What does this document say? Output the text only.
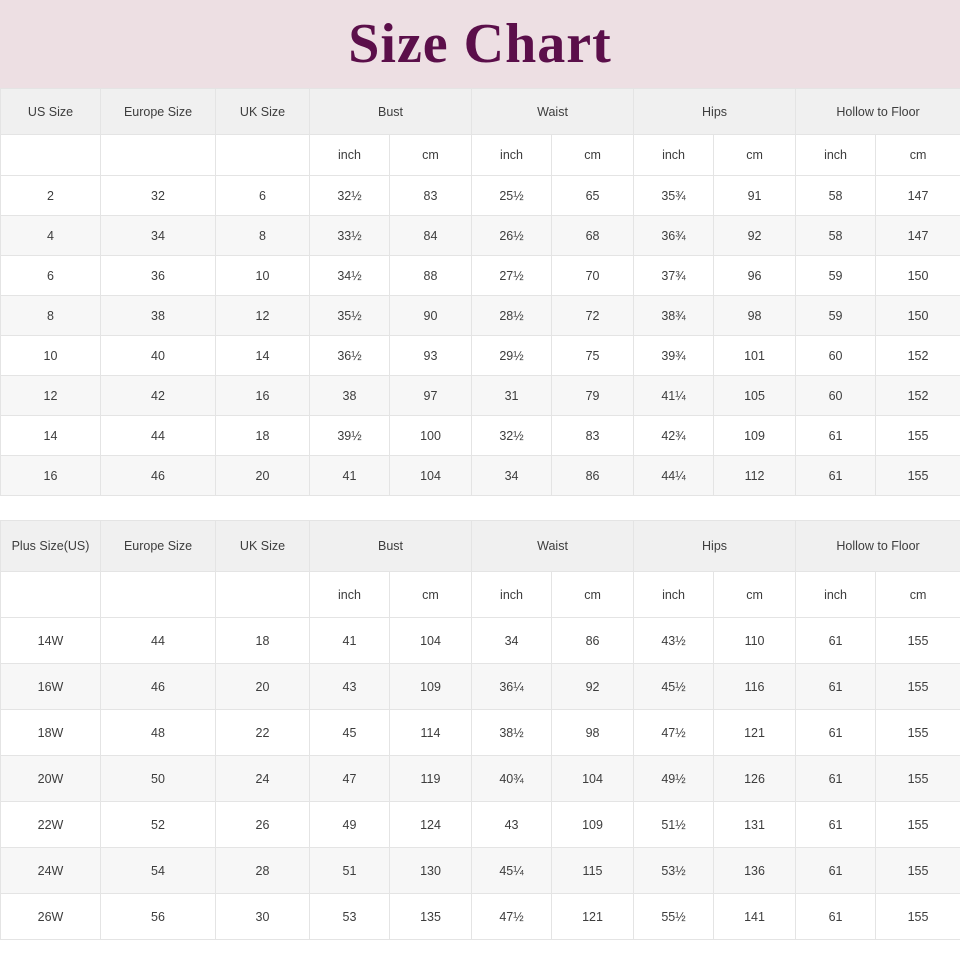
Size Chart
US Size	Europe Size	UK Size	Bust		Waist		Hips		Hollow to Floor	
			inch	cm	inch	cm	inch	cm	inch	cm
2	32	6	32½	83	25½	65	35¾	91	58	147
4	34	8	33½	84	26½	68	36¾	92	58	147
6	36	10	34½	88	27½	70	37¾	96	59	150
8	38	12	35½	90	28½	72	38¾	98	59	150
10	40	14	36½	93	29½	75	39¾	101	60	152
12	42	16	38	97	31	79	41¼	105	60	152
14	44	18	39½	100	32½	83	42¾	109	61	155
16	46	20	41	104	34	86	44¼	112	61	155
Plus Size(US)	Europe Size	UK Size	Bust		Waist		Hips		Hollow to Floor	
			inch	cm	inch	cm	inch	cm	inch	cm
14W	44	18	41	104	34	86	43½	110	61	155
16W	46	20	43	109	36¼	92	45½	116	61	155
18W	48	22	45	114	38½	98	47½	121	61	155
20W	50	24	47	119	40¾	104	49½	126	61	155
22W	52	26	49	124	43	109	51½	131	61	155
24W	54	28	51	130	45¼	115	53½	136	61	155
26W	56	30	53	135	47½	121	55½	141	61	155
